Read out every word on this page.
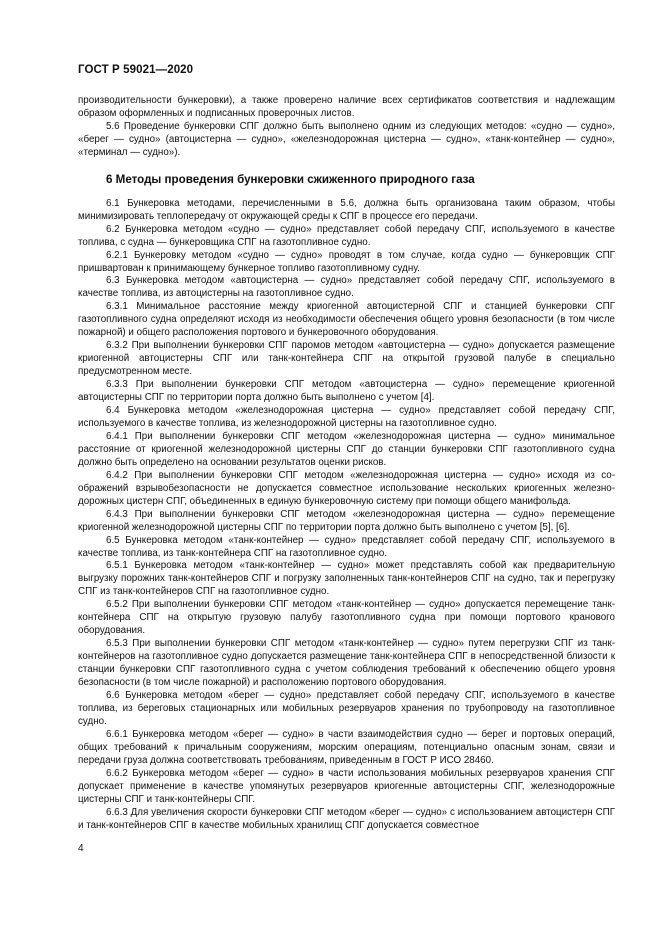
ГОСТ Р 59021—2020

производительности бункеровки), а также проверено наличие всех сертификатов соответствия и надлежащим образом оформленных и подписанных проверочных листов.

5.6 Проведение бункеровки СПГ должно быть выполнено одним из следующих методов: «судно — судно», «берег — судно» (автоцистерна — судно», «железнодорожная цистерна — судно», «танк-контейнер — судно», «терминал — судно»).

6 Методы проведения бункеровки сжиженного природного газа

6.1 Бункеровка методами, перечисленными в 5.6, должна быть организована таким образом, чтобы минимизировать теплопередачу от окружающей среды к СПГ в процессе его передачи.

6.2 Бункеровка методом «судно — судно» представляет собой передачу СПГ, используемого в качестве топлива, с судна — бункеровщика СПГ на газотопливное судно.

6.2.1 Бункеровку методом «судно — судно» проводят в том случае, когда судно — бункеровщик СПГ пришвартован к принимающему бункерное топливо газотопливному судну.

6.3 Бункеровка методом «автоцистерна — судно» представляет собой передачу СПГ, используемого в качестве топлива, из автоцистерны на газотопливное судно.

6.3.1 Минимальное расстояние между криогенной автоцистерной СПГ и станцией бункеровки СПГ газотопливного судна определяют исходя из необходимости обеспечения общего уровня безопасности (в том числе пожарной) и общего расположения портового и бункеровочного оборудования.

6.3.2 При выполнении бункеровки СПГ паромов методом «автоцистерна — судно» допускается размещение криогенной автоцистерны СПГ или танк-контейнера СПГ на открытой грузовой палубе в специально предусмотренном месте.

6.3.3 При выполнении бункеровки СПГ методом «автоцистерна — судно» перемещение криогенной автоцистерны СПГ по территории порта должно быть выполнено с учетом [4].

6.4 Бункеровка методом «железнодорожная цистерна — судно» представляет собой передачу СПГ, используемого в качестве топлива, из железнодорожной цистерны на газотопливное судно.

6.4.1 При выполнении бункеровки СПГ методом «железнодорожная цистерна — судно» минимальное расстояние от криогенной железнодорожной цистерны СПГ до станции бункеровки СПГ газотопливного судна должно быть определено на основании результатов оценки рисков.

6.4.2 При выполнении бункеровки СПГ методом «железнодорожная цистерна — судно» исходя из соображений взрывобезопасности не допускается совместное использование нескольких криогенных железнодорожных цистерн СПГ, объединенных в единую бункеровочную систему при помощи общего манифольда.

6.4.3 При выполнении бункеровки СПГ методом «железнодорожная цистерна — судно» перемещение криогенной железнодорожной цистерны СПГ по территории порта должно быть выполнено с учетом [5], [6].

6.5 Бункеровка методом «танк-контейнер — судно» представляет собой передачу СПГ, используемого в качестве топлива, из танк-контейнера СПГ на газотопливное судно.

6.5.1 Бункеровка методом «танк-контейнер — судно» может представлять собой как предварительную выгрузку порожних танк-контейнеров СПГ и погрузку заполненных танк-контейнеров СПГ на судно, так и перегрузку СПГ из танк-контейнеров СПГ на газотопливное судно.

6.5.2 При выполнении бункеровки СПГ методом «танк-контейнер — судно» допускается перемещение танк-контейнера СПГ на открытую грузовую палубу газотопливного судна при помощи портового кранового оборудования.

6.5.3 При выполнении бункеровки СПГ методом «танк-контейнер — судно» путем перегрузки СПГ из танк-контейнеров на газотопливное судно допускается размещение танк-контейнера СПГ в непосредственной близости к станции бункеровки СПГ газотопливного судна с учетом соблюдения требований к обеспечению общего уровня безопасности (в том числе пожарной) и расположению портового оборудования.

6.6 Бункеровка методом «берег — судно» представляет собой передачу СПГ, используемого в качестве топлива, из береговых стационарных или мобильных резервуаров хранения по трубопроводу на газотопливное судно.

6.6.1 Бункеровка методом «берег — судно» в части взаимодействия судно — берег и портовых операций, общих требований к причальным сооружениям, морским операциям, потенциально опасным зонам, связи и передачи груза должна соответствовать требованиям, приведенным в ГОСТ Р ИСО 28460.

6.6.2 Бункеровка методом «берег — судно» в части использования мобильных резервуаров хранения СПГ допускает применение в качестве упомянутых резервуаров криогенные автоцистерны СПГ, железнодорожные цистерны СПГ и танк-контейнеры СПГ.

6.6.3 Для увеличения скорости бункеровки СПГ методом «берег — судно» с использованием автоцистерн СПГ и танк-контейнеров СПГ в качестве мобильных хранилищ СПГ допускается совместное

4
